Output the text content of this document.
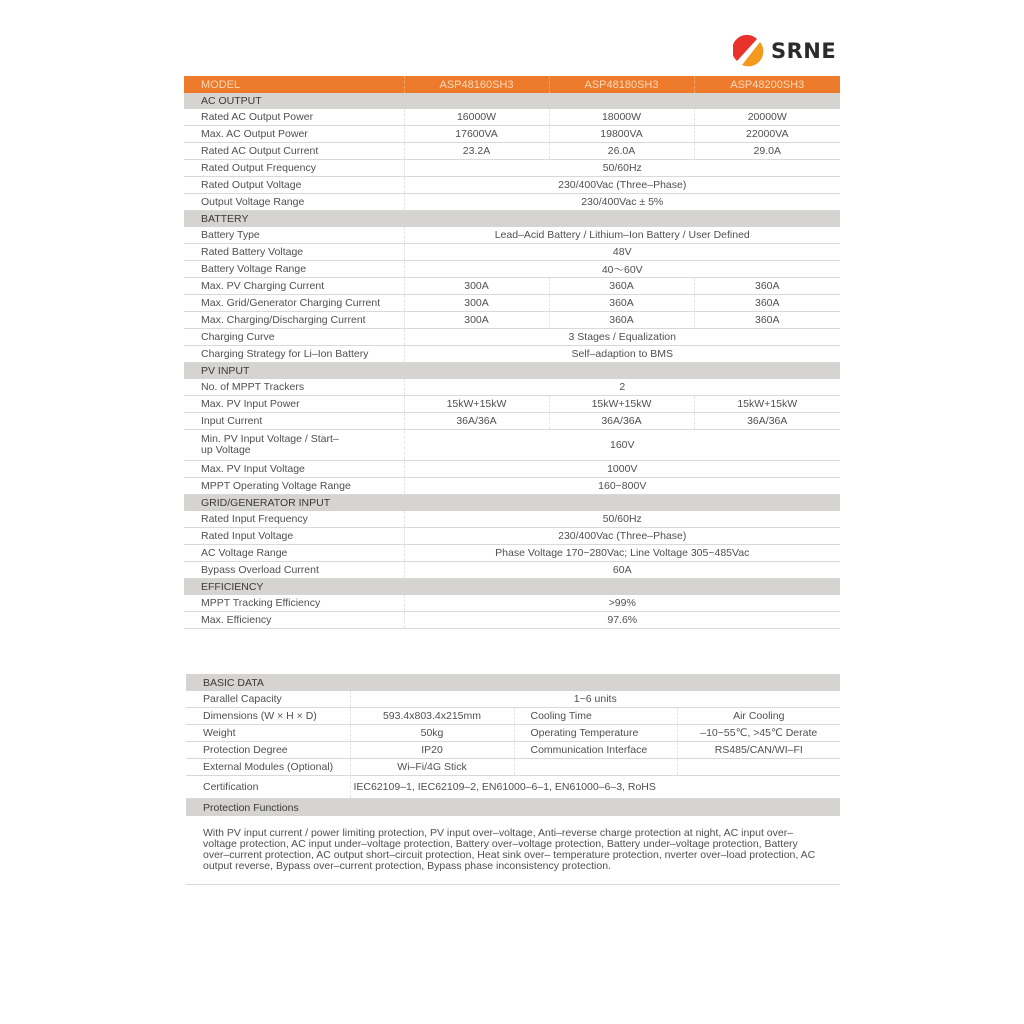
SRNE
MODEL	ASP48160SH3	ASP48180SH3	ASP48200SH3
AC OUTPUT			
Rated AC Output Power	16000W	18000W	20000W
Max. AC Output Power	17600VA	19800VA	22000VA
Rated AC Output Current	23.2A	26.0A	29.0A
Rated Output Frequency	50/60Hz		
Rated Output Voltage	230/400Vac (Three–Phase)		
Output Voltage Range	230/400Vac ± 5%		
BATTERY			
Battery Type	Lead–Acid Battery / Lithium–Ion Battery / User Defined		
Rated Battery Voltage	48V		
Battery Voltage Range	40～60V		
Max. PV Charging Current	300A	360A	360A
Max. Grid/Generator Charging Current	300A	360A	360A
Max. Charging/Discharging Current	300A	360A	360A
Charging Curve	3 Stages / Equalization		
Charging Strategy for Li–Ion Battery	Self–adaption to BMS		
PV INPUT			
No. of MPPT Trackers	2		
Max. PV Input Power	15kW+15kW	15kW+15kW	15kW+15kW
Input Current	36A/36A	36A/36A	36A/36A
Min. PV Input Voltage / Start–up Voltage	160V		
Max. PV Input Voltage	1000V		
MPPT Operating Voltage Range	160~800V		
GRID/GENERATOR INPUT			
Rated Input Frequency	50/60Hz		
Rated Input Voltage	230/400Vac (Three–Phase)		
AC Voltage Range	Phase Voltage 170~280Vac; Line Voltage 305~485Vac		
Bypass Overload Current	60A		
EFFICIENCY			
MPPT Tracking Efficiency	>99%		
Max. Efficiency	97.6%		
BASIC DATA			
Parallel Capacity	1~6 units		
Dimensions (W × H × D)	593.4x803.4x215mm	Cooling Time	Air Cooling
Weight	50kg	Operating Temperature	–10~55℃, >45℃ Derate
Protection Degree	IP20	Communication Interface	RS485/CAN/WI–FI
External Modules (Optional)	Wi–Fi/4G Stick		
Certification	IEC62109–1, IEC62109–2, EN61000–6–1, EN61000–6–3, RoHS		
Protection Functions			
With PV input current / power limiting protection, PV input over–voltage, Anti–reverse charge protection at night, AC input over–voltage protection, AC input under–voltage protection, Battery over–voltage protection, Battery under–voltage protection, Battery over–current protection, AC output short–circuit protection, Heat sink over– temperature protection, nverter over–load protection, AC output reverse, Bypass over–current protection, Bypass phase inconsistency protection.			
